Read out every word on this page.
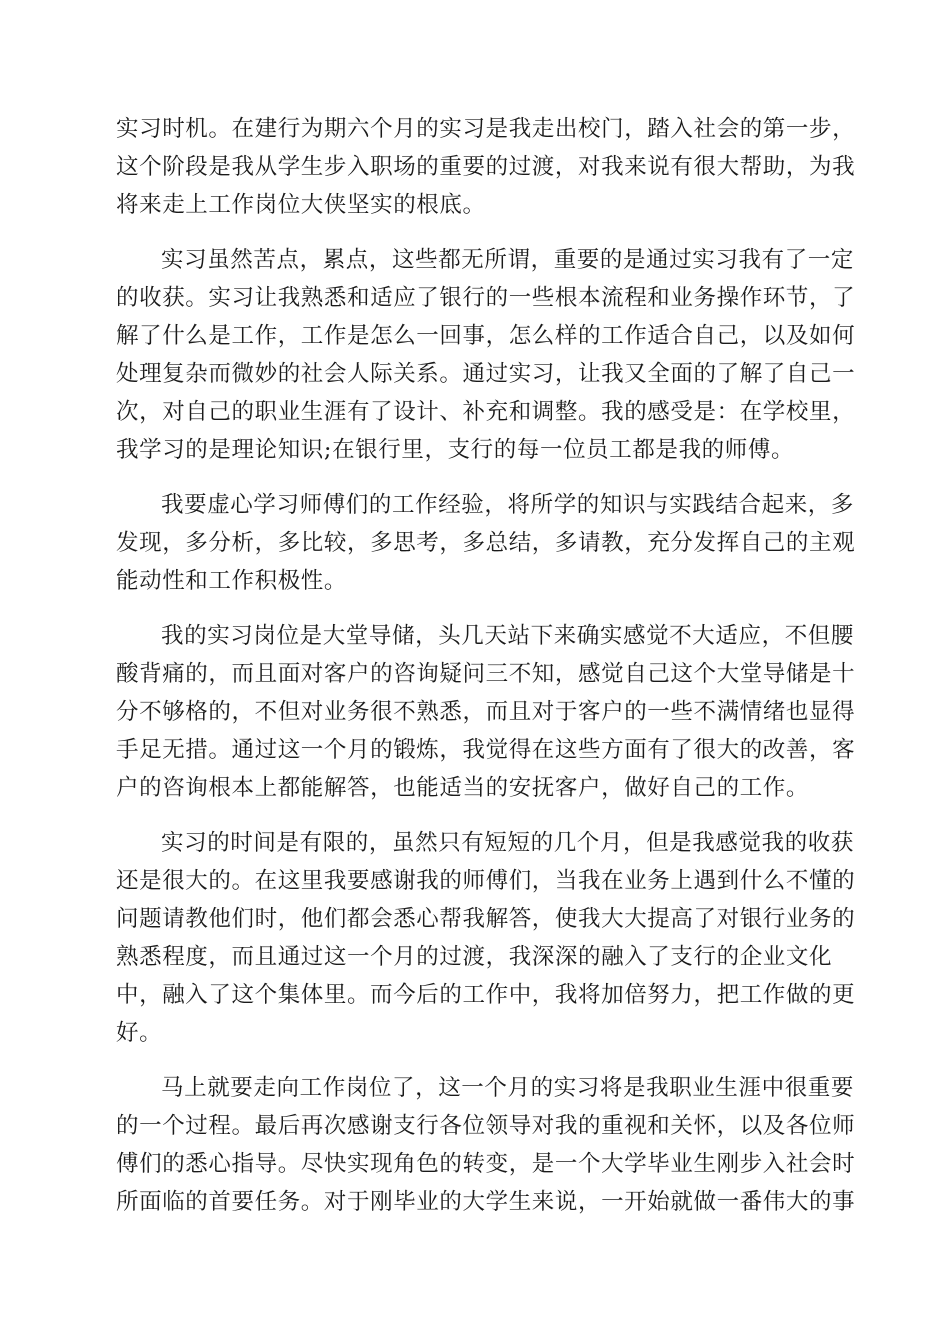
实习时机。在建行为期六个月的实习是我走出校门，踏入社会的第一步，
这个阶段是我从学生步入职场的重要的过渡，对我来说有很大帮助，为我
将来走上工作岗位大侠坚实的根底。
实习虽然苦点，累点，这些都无所谓，重要的是通过实习我有了一定
的收获。实习让我熟悉和适应了银行的一些根本流程和业务操作环节，了
解了什么是工作，工作是怎么一回事，怎么样的工作适合自己，以及如何
处理复杂而微妙的社会人际关系。通过实习，让我又全面的了解了自己一
次，对自己的职业生涯有了设计、补充和调整。我的感受是：在学校里，
我学习的是理论知识;在银行里，支行的每一位员工都是我的师傅。
我要虚心学习师傅们的工作经验，将所学的知识与实践结合起来，多
发现，多分析，多比较，多思考，多总结，多请教，充分发挥自己的主观
能动性和工作积极性。
我的实习岗位是大堂导储，头几天站下来确实感觉不大适应，不但腰
酸背痛的，而且面对客户的咨询疑问三不知，感觉自己这个大堂导储是十
分不够格的，不但对业务很不熟悉，而且对于客户的一些不满情绪也显得
手足无措。通过这一个月的锻炼，我觉得在这些方面有了很大的改善，客
户的咨询根本上都能解答，也能适当的安抚客户，做好自己的工作。
实习的时间是有限的，虽然只有短短的几个月，但是我感觉我的收获
还是很大的。在这里我要感谢我的师傅们，当我在业务上遇到什么不懂的
问题请教他们时，他们都会悉心帮我解答，使我大大提高了对银行业务的
熟悉程度，而且通过这一个月的过渡，我深深的融入了支行的企业文化
中，融入了这个集体里。而今后的工作中，我将加倍努力，把工作做的更
好。
马上就要走向工作岗位了，这一个月的实习将是我职业生涯中很重要
的一个过程。最后再次感谢支行各位领导对我的重视和关怀，以及各位师
傅们的悉心指导。尽快实现角色的转变，是一个大学毕业生刚步入社会时
所面临的首要任务。对于刚毕业的大学生来说，一开始就做一番伟大的事
